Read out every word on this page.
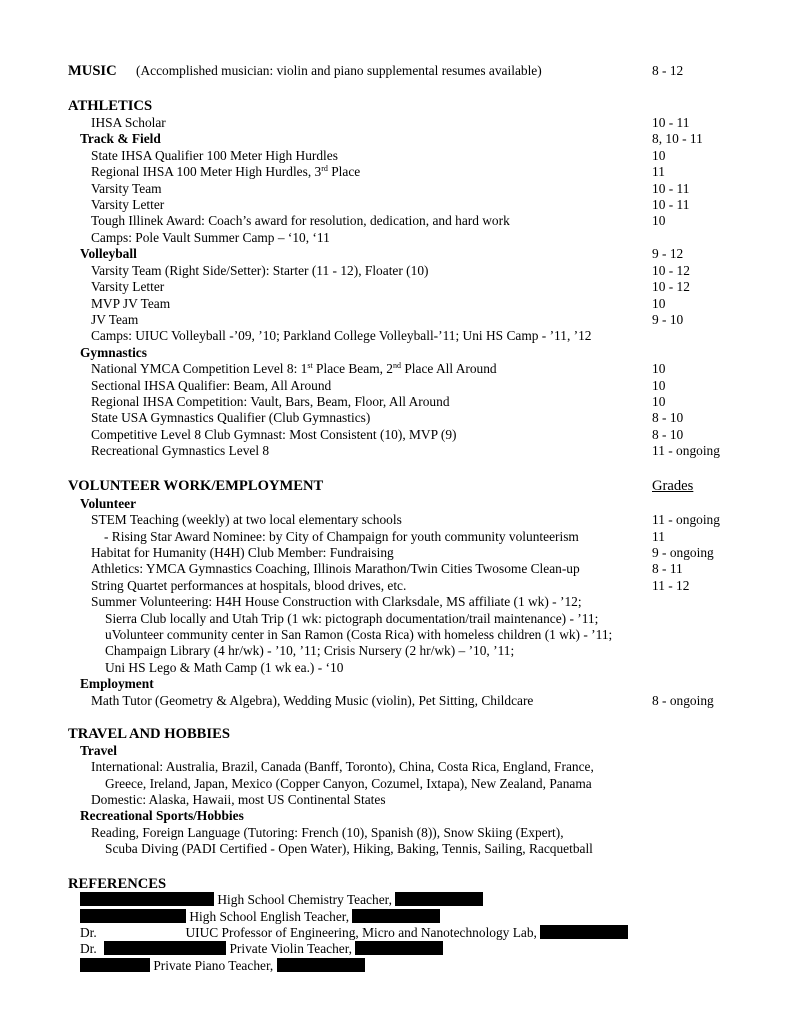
MUSIC (Accomplished musician: violin and piano supplemental resumes available)	8 - 12
ATHLETICS
IHSA Scholar	10 - 11
Track & Field	8, 10 - 11
State IHSA Qualifier 100 Meter High Hurdles	10
Regional IHSA 100 Meter High Hurdles, 3rd Place	11
Varsity Team	10 - 11
Varsity Letter	10 - 11
Tough Illinek Award: Coach’s award for resolution, dedication, and hard work	10
Camps: Pole Vault Summer Camp – ‘10, ‘11
Volleyball	9 - 12
Varsity Team (Right Side/Setter): Starter (11 - 12), Floater (10)	10 - 12
Varsity Letter	10 - 12
MVP JV Team	10
JV Team	9 - 10
Camps: UIUC Volleyball -’09, ’10; Parkland College Volleyball-’11; Uni HS Camp - ’11, ’12
Gymnastics
National YMCA Competition Level 8: 1st Place Beam, 2nd Place All Around	10
Sectional IHSA Qualifier: Beam, All Around	10
Regional IHSA Competition: Vault, Bars, Beam, Floor, All Around	10
State USA Gymnastics Qualifier (Club Gymnastics)	8 - 10
Competitive Level 8 Club Gymnast: Most Consistent (10), MVP (9)	8 - 10
Recreational Gymnastics Level 8	11 - ongoing
VOLUNTEER WORK/EMPLOYMENT	Grades
Volunteer
STEM Teaching (weekly) at two local elementary schools	11 - ongoing
- Rising Star Award Nominee: by City of Champaign for youth community volunteerism	11
Habitat for Humanity (H4H) Club Member: Fundraising	9 - ongoing
Athletics: YMCA Gymnastics Coaching, Illinois Marathon/Twin Cities Twosome Clean-up	8 - 11
String Quartet performances at hospitals, blood drives, etc.	11 - 12
Summer Volunteering: H4H House Construction with Clarksdale, MS affiliate (1 wk) - ’12;
Sierra Club locally and Utah Trip (1 wk: pictograph documentation/trail maintenance) - ’11;
uVolunteer community center in San Ramon (Costa Rica) with homeless children (1 wk) - ’11;
Champaign Library (4 hr/wk) - ’10, ’11; Crisis Nursery (2 hr/wk) – ’10, ’11;
Uni HS Lego & Math Camp (1 wk ea.) - ‘10
Employment
Math Tutor (Geometry & Algebra), Wedding Music (violin), Pet Sitting, Childcare	8 - ongoing
TRAVEL AND HOBBIES
Travel
International: Australia, Brazil, Canada (Banff, Toronto), China, Costa Rica, England, France,
Greece, Ireland, Japan, Mexico (Copper Canyon, Cozumel, Ixtapa), New Zealand, Panama
Domestic: Alaska, Hawaii, most US Continental States
Recreational Sports/Hobbies
Reading, Foreign Language (Tutoring: French (10), Spanish (8)), Snow Skiing (Expert),
Scuba Diving (PADI Certified - Open Water), Hiking, Baking, Tennis, Sailing, Racquetball
REFERENCES
High School Chemistry Teacher,
High School English Teacher,
Dr.	UIUC Professor of Engineering, Micro and Nanotechnology Lab,
Dr.	Private Violin Teacher,
Private Piano Teacher,
